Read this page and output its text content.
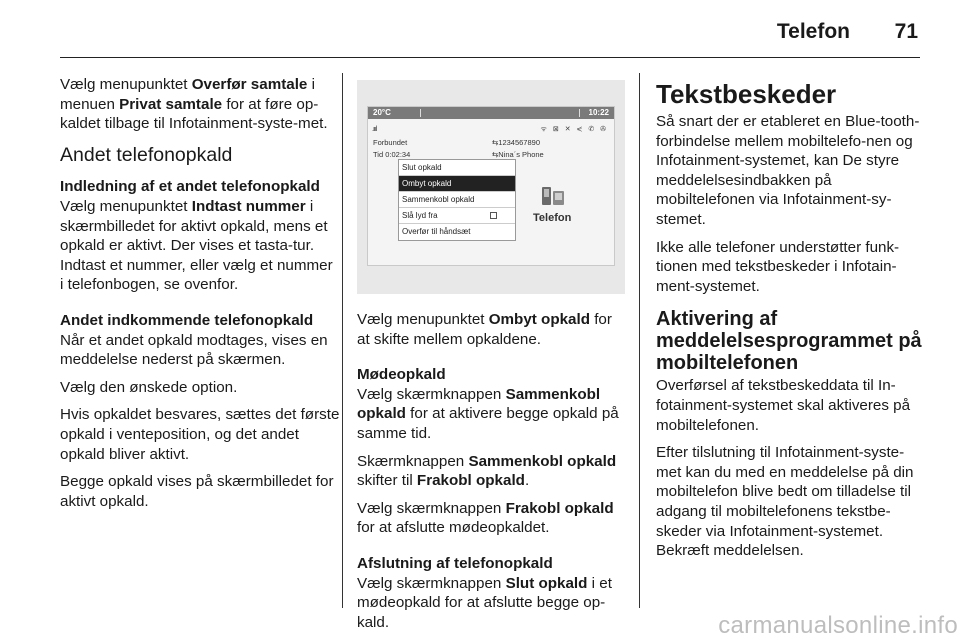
Telefon 71

Vælg menupunktet Overfør samtale i menuen Privat samtale for at føre op-kaldet tilbage til Infotainment-syste-met.

Andet telefonopkald

Indledning af et andet telefonopkald
Vælg menupunktet Indtast nummer i skærmbilledet for aktivt opkald, mens et opkald er aktivt. Der vises et tasta-tur. Indtast et nummer, eller vælg et nummer i telefonbogen, se ovenfor.

Andet indkommende telefonopkald
Når et andet opkald modtages, vises en meddelelse nederst på skærmen.

Vælg den ønskede option.

Hvis opkaldet besvares, sættes det første opkald i venteposition, og det andet opkald bliver aktivt.

Begge opkald vises på skærmbilledet for aktivt opkald.

20°C	10:22
.ıııl	ᯤ ⊠ ✕ ⋞ ✆ ✇
Forbundet
Tid 0:02:34
⇆1234567890
⇆Nina´s Phone
Slut opkald
Ombyt opkald
Sammenkobl opkald
Slå lyd fra
Overfør til håndsæt
Telefon

Vælg menupunktet Ombyt opkald for at skifte mellem opkaldene.

Mødeopkald
Vælg skærmknappen Sammenkobl opkald for at aktivere begge opkald på samme tid.

Skærmknappen Sammenkobl opkald skifter til Frakobl opkald.

Vælg skærmknappen Frakobl opkald for at afslutte mødeopkaldet.

Afslutning af telefonopkald
Vælg skærmknappen Slut opkald i et mødeopkald for at afslutte begge op-kald.

Tekstbeskeder

Så snart der er etableret en Blue-tooth-forbindelse mellem mobiltelefo-nen og Infotainment-systemet, kan De styre meddelelsesindbakken på mobiltelefonen via Infotainment-sy-stemet.

Ikke alle telefoner understøtter funk-tionen med tekstbeskeder i Infotain-ment-systemet.

Aktivering af meddelelsesprogrammet på mobiltelefonen

Overførsel af tekstbeskeddata til In-fotainment-systemet skal aktiveres på mobiltelefonen.

Efter tilslutning til Infotainment-syste-met kan du med en meddelelse på din mobiltelefon blive bedt om tilladelse til adgang til mobiltelefonens tekstbe-skeder via Infotainment-systemet. Bekræft meddelelsen.

carmanualsonline.info
